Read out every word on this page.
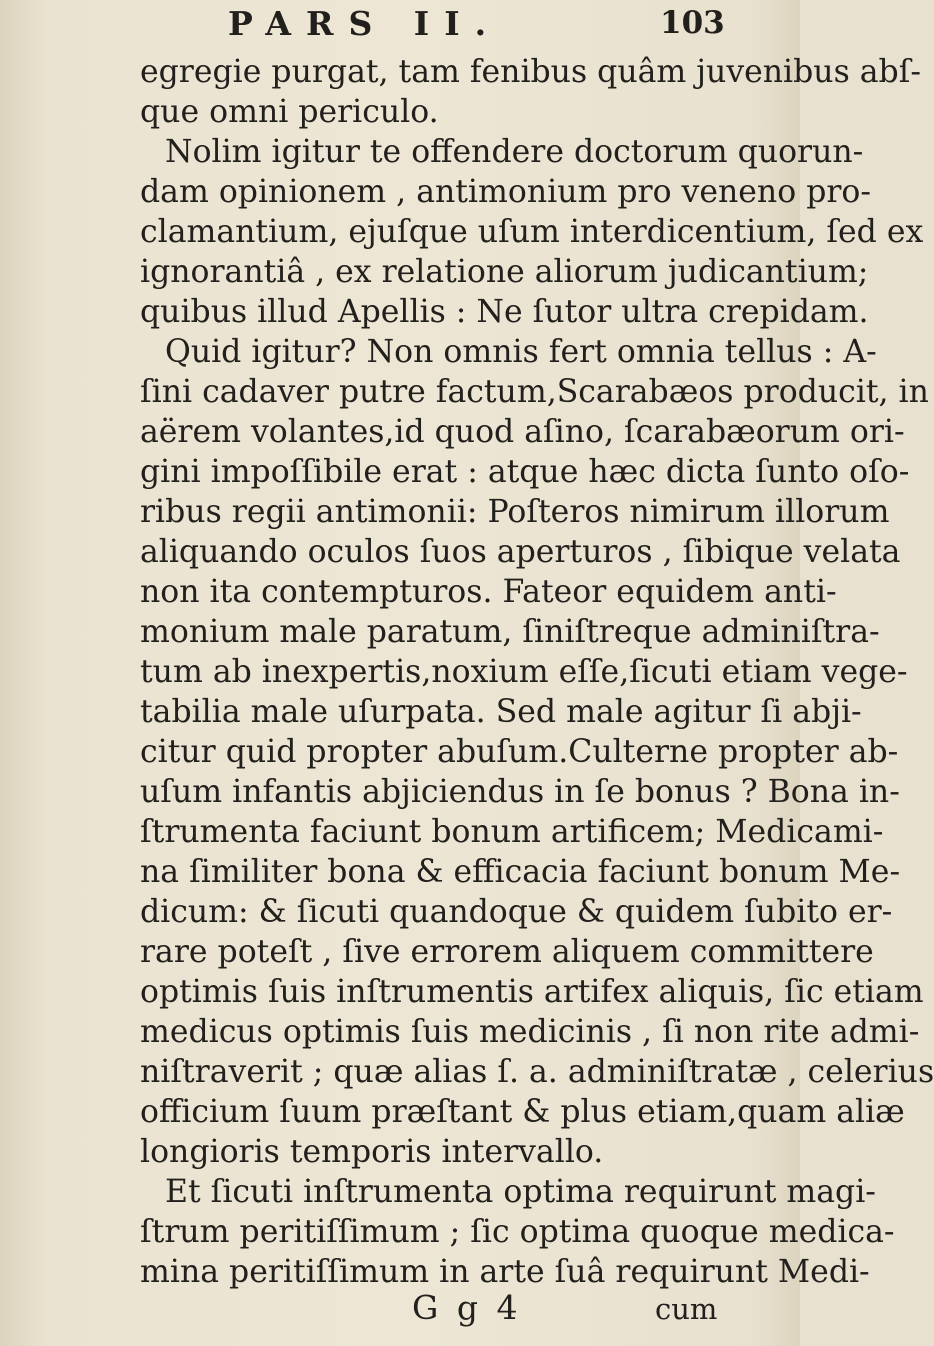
PARS II.	103
egregie purgat, tam fenibus quâm juvenibus abſ-
que omni periculo.
Nolim igitur te offendere doctorum quorun-
dam opinionem , antimonium pro veneno pro-
clamantium, ejuſque uſum interdicentium, ſed ex
ignorantiâ , ex relatione aliorum judicantium;
quibus illud Apellis : Ne ſutor ultra crepidam.
Quid igitur? Non omnis fert omnia tellus : A-
ſini cadaver putre factum,Scarabæos producit, in
aërem volantes,id quod aſino, ſcarabæorum ori-
gini impoſſibile erat : atque hæc dicta ſunto oſo-
ribus regii antimonii: Poſteros nimirum illorum
aliquando oculos ſuos aperturos , ſibique velata
non ita contempturos. Fateor equidem anti-
monium male paratum, ſiniſtreque adminiſtra-
tum ab inexpertis,noxium eſſe,ſicuti etiam vege-
tabilia male uſurpata. Sed male agitur ſi abji-
citur quid propter abuſum.Culterne propter ab-
uſum infantis abjiciendus in ſe bonus ? Bona in-
ſtrumenta faciunt bonum artificem; Medicami-
na ſimiliter bona & efficacia faciunt bonum Me-
dicum: & ſicuti quandoque & quidem ſubito er-
rare poteſt , ſive errorem aliquem committere
optimis ſuis inſtrumentis artifex aliquis, ſic etiam
medicus optimis ſuis medicinis , ſi non rite admi-
niſtraverit ; quæ alias ſ. a. adminiſtratæ , celerius
officium ſuum præſtant & plus etiam,quam aliæ
longioris temporis intervallo.
Et ſicuti inſtrumenta optima requirunt magi-
ſtrum peritiſſimum ; ſic optima quoque medica-
mina peritiſſimum in arte ſuâ requirunt Medi-
G g 4	cum
